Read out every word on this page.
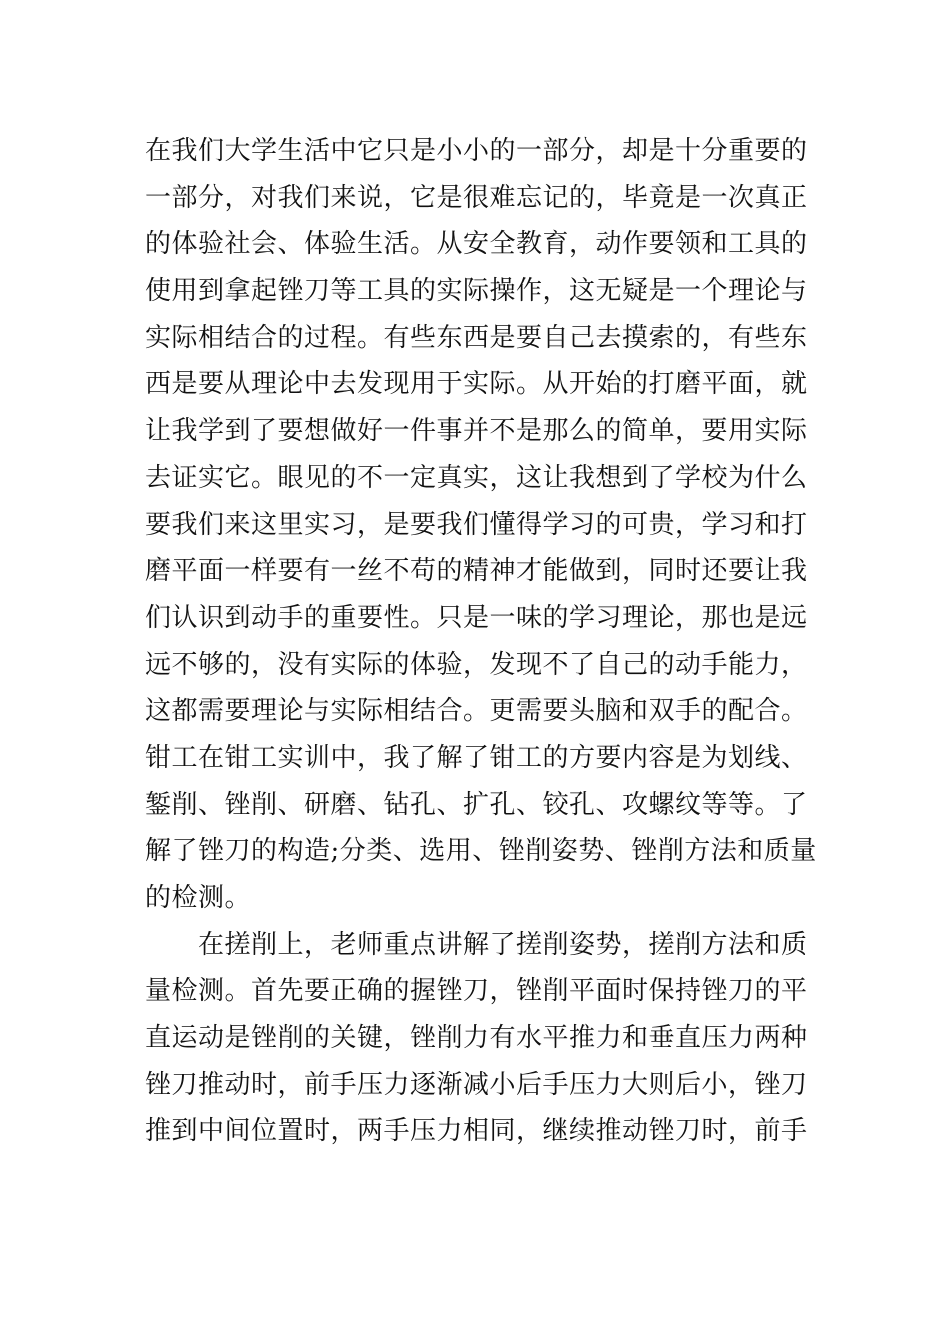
在我们大学生活中它只是小小的一部分，却是十分重要的
一部分，对我们来说，它是很难忘记的，毕竟是一次真正
的体验社会、体验生活。从安全教育，动作要领和工具的
使用到拿起锉刀等工具的实际操作，这无疑是一个理论与
实际相结合的过程。有些东西是要自己去摸索的，有些东
西是要从理论中去发现用于实际。从开始的打磨平面，就
让我学到了要想做好一件事并不是那么的简单，要用实际
去证实它。眼见的不一定真实，这让我想到了学校为什么
要我们来这里实习，是要我们懂得学习的可贵，学习和打
磨平面一样要有一丝不苟的精神才能做到，同时还要让我
们认识到动手的重要性。只是一味的学习理论，那也是远
远不够的，没有实际的体验，发现不了自己的动手能力，
这都需要理论与实际相结合。更需要头脑和双手的配合。
钳工在钳工实训中，我了解了钳工的方要内容是为划线、
錾削、锉削、研磨、钻孔、扩孔、铰孔、攻螺纹等等。了
解了锉刀的构造;分类、选用、锉削姿势、锉削方法和质量
的检测。
在搓削上，老师重点讲解了搓削姿势，搓削方法和质
量检测。首先要正确的握锉刀，锉削平面时保持锉刀的平
直运动是锉削的关键，锉削力有水平推力和垂直压力两种
锉刀推动时，前手压力逐渐减小后手压力大则后小，锉刀
推到中间位置时，两手压力相同，继续推动锉刀时，前手
